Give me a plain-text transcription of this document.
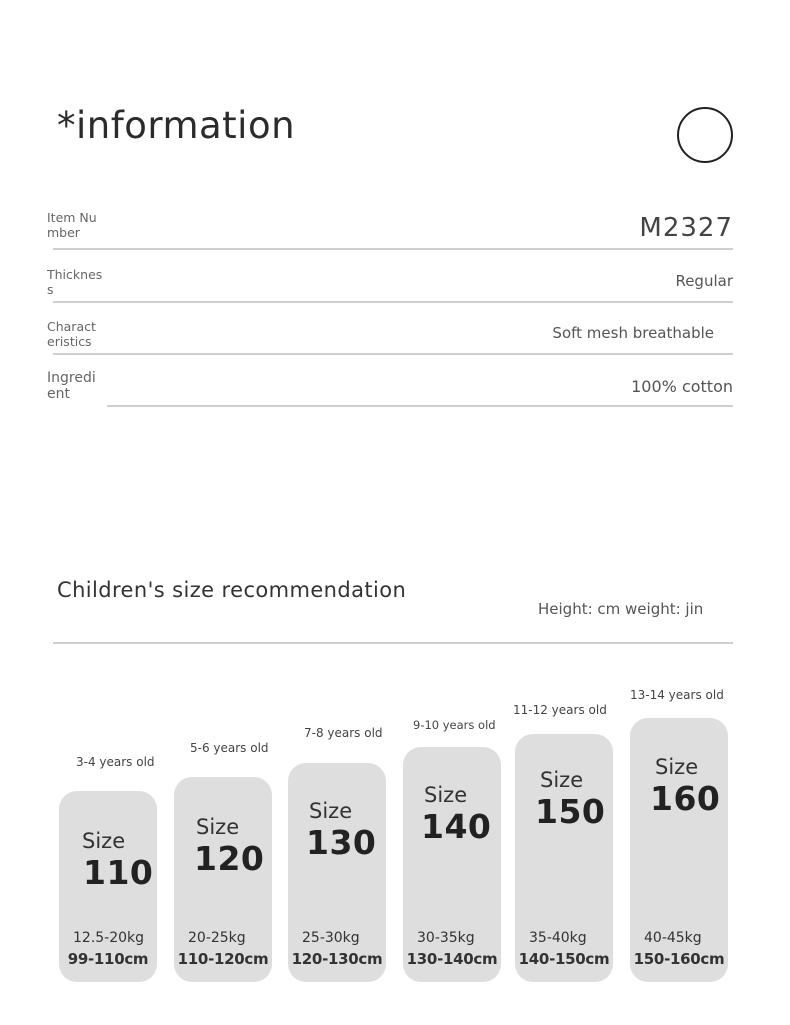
*information
Item Number	M2327
Thickness	Regular
Characteristics	Soft mesh breathable
Ingredient	100% cotton
Children's size recommendation
Height: cm weight: jin
3-4 years old
Size
110
12.5-20kg
99-110cm
5-6 years old
Size
120
20-25kg
110-120cm
7-8 years old
Size
130
25-30kg
120-130cm
9-10 years old
Size
140
30-35kg
130-140cm
11-12 years old
Size
150
35-40kg
140-150cm
13-14 years old
Size
160
40-45kg
150-160cm
